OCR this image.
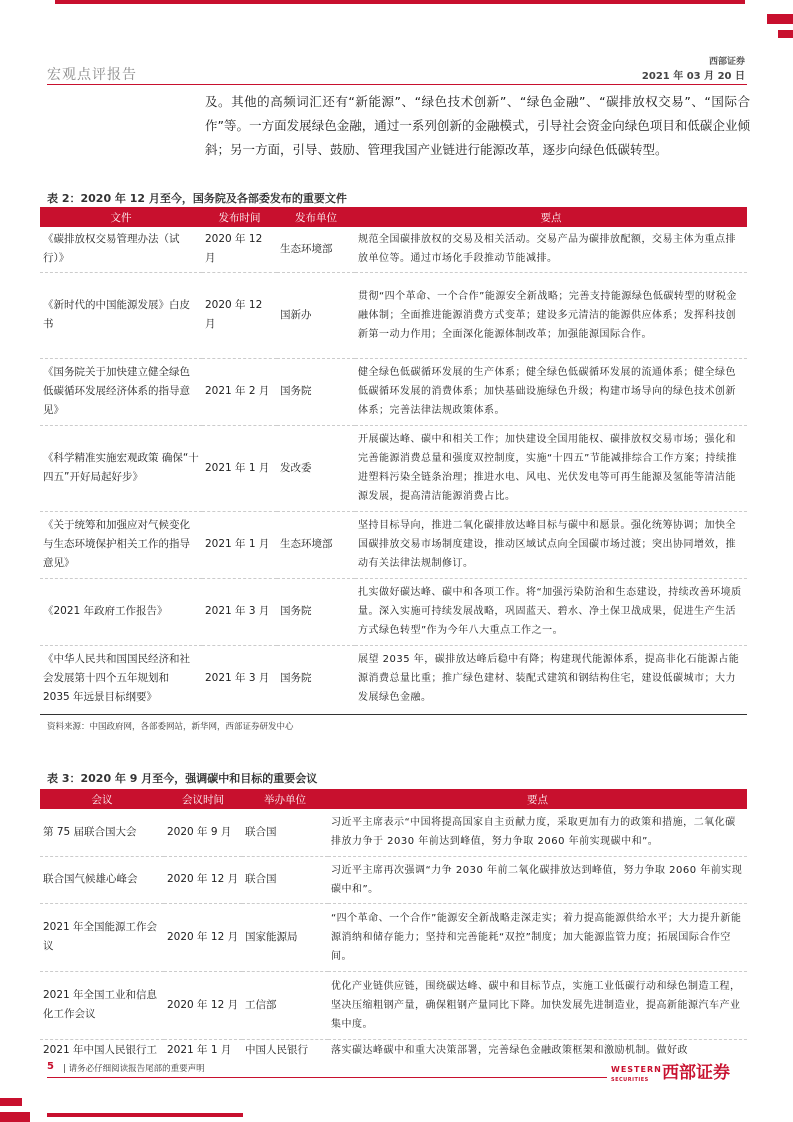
宏观点评报告
西部证券
2021 年 03 月 20 日
及。其他的高频词汇还有“新能源”、“绿色技术创新”、“绿色金融”、“碳排放权交易”、“国际合作”等。一方面发展绿色金融，通过一系列创新的金融模式，引导社会资金向绿色项目和低碳企业倾斜；另一方面，引导、鼓励、管理我国产业链进行能源改革，逐步向绿色低碳转型。
表 2：2020 年 12 月至今，国务院及各部委发布的重要文件
文件	发布时间	发布单位	要点
《碳排放权交易管理办法（试行）》	2020 年 12 月	生态环境部	规范全国碳排放权的交易及相关活动。交易产品为碳排放配额，交易主体为重点排放单位等。通过市场化手段推动节能减排。
《新时代的中国能源发展》白皮书	2020 年 12 月	国新办	贯彻“四个革命、一个合作”能源安全新战略；完善支持能源绿色低碳转型的财税金融体制；全面推进能源消费方式变革；建设多元清洁的能源供应体系；发挥科技创新第一动力作用；全面深化能源体制改革；加强能源国际合作。
《国务院关于加快建立健全绿色低碳循环发展经济体系的指导意见》	2021 年 2 月	国务院	健全绿色低碳循环发展的生产体系；健全绿色低碳循环发展的流通体系；健全绿色低碳循环发展的消费体系；加快基础设施绿色升级；构建市场导向的绿色技术创新体系；完善法律法规政策体系。
《科学精准实施宏观政策 确保“十四五”开好局起好步》	2021 年 1 月	发改委	开展碳达峰、碳中和相关工作；加快建设全国用能权、碳排放权交易市场；强化和完善能源消费总量和强度双控制度，实施“十四五”节能减排综合工作方案；持续推进塑料污染全链条治理；推进水电、风电、光伏发电等可再生能源及氢能等清洁能源发展，提高清洁能源消费占比。
《关于统筹和加强应对气候变化与生态环境保护相关工作的指导意见》	2021 年 1 月	生态环境部	坚持目标导向，推进二氧化碳排放达峰目标与碳中和愿景。强化统筹协调；加快全国碳排放交易市场制度建设，推动区域试点向全国碳市场过渡；突出协同增效，推动有关法律法规制修订。
《2021 年政府工作报告》	2021 年 3 月	国务院	扎实做好碳达峰、碳中和各项工作。将“加强污染防治和生态建设，持续改善环境质量。深入实施可持续发展战略，巩固蓝天、碧水、净土保卫战成果，促进生产生活方式绿色转型”作为今年八大重点工作之一。
《中华人民共和国国民经济和社会发展第十四个五年规划和 2035 年远景目标纲要》	2021 年 3 月	国务院	展望 2035 年，碳排放达峰后稳中有降；构建现代能源体系，提高非化石能源占能源消费总量比重；推广绿色建材、装配式建筑和钢结构住宅，建设低碳城市；大力发展绿色金融。
资料来源：中国政府网，各部委网站，新华网，西部证券研发中心
表 3：2020 年 9 月至今，强调碳中和目标的重要会议
会议	会议时间	举办单位	要点
第 75 届联合国大会	2020 年 9 月	联合国	习近平主席表示“中国将提高国家自主贡献力度，采取更加有力的政策和措施，二氧化碳排放力争于 2030 年前达到峰值，努力争取 2060 年前实现碳中和”。
联合国气候雄心峰会	2020 年 12 月	联合国	习近平主席再次强调“力争 2030 年前二氧化碳排放达到峰值，努力争取 2060 年前实现碳中和”。
2021 年全国能源工作会议	2020 年 12 月	国家能源局	“四个革命、一个合作”能源安全新战略走深走实；着力提高能源供给水平；大力提升新能源消纳和储存能力；坚持和完善能耗“双控”制度；加大能源监管力度；拓展国际合作空间。
2021 年全国工业和信息化工作会议	2020 年 12 月	工信部	优化产业链供应链，围绕碳达峰、碳中和目标节点，实施工业低碳行动和绿色制造工程，坚决压缩粗钢产量，确保粗钢产量同比下降。加快发展先进制造业，提高新能源汽车产业集中度。
2021 年中国人民银行工	2021 年 1 月	中国人民银行	落实碳达峰碳中和重大决策部署，完善绿色金融政策框架和激励机制。做好政
5 | 请务必仔细阅读报告尾部的重要声明	WESTERN
SECURITIES 西部证券
